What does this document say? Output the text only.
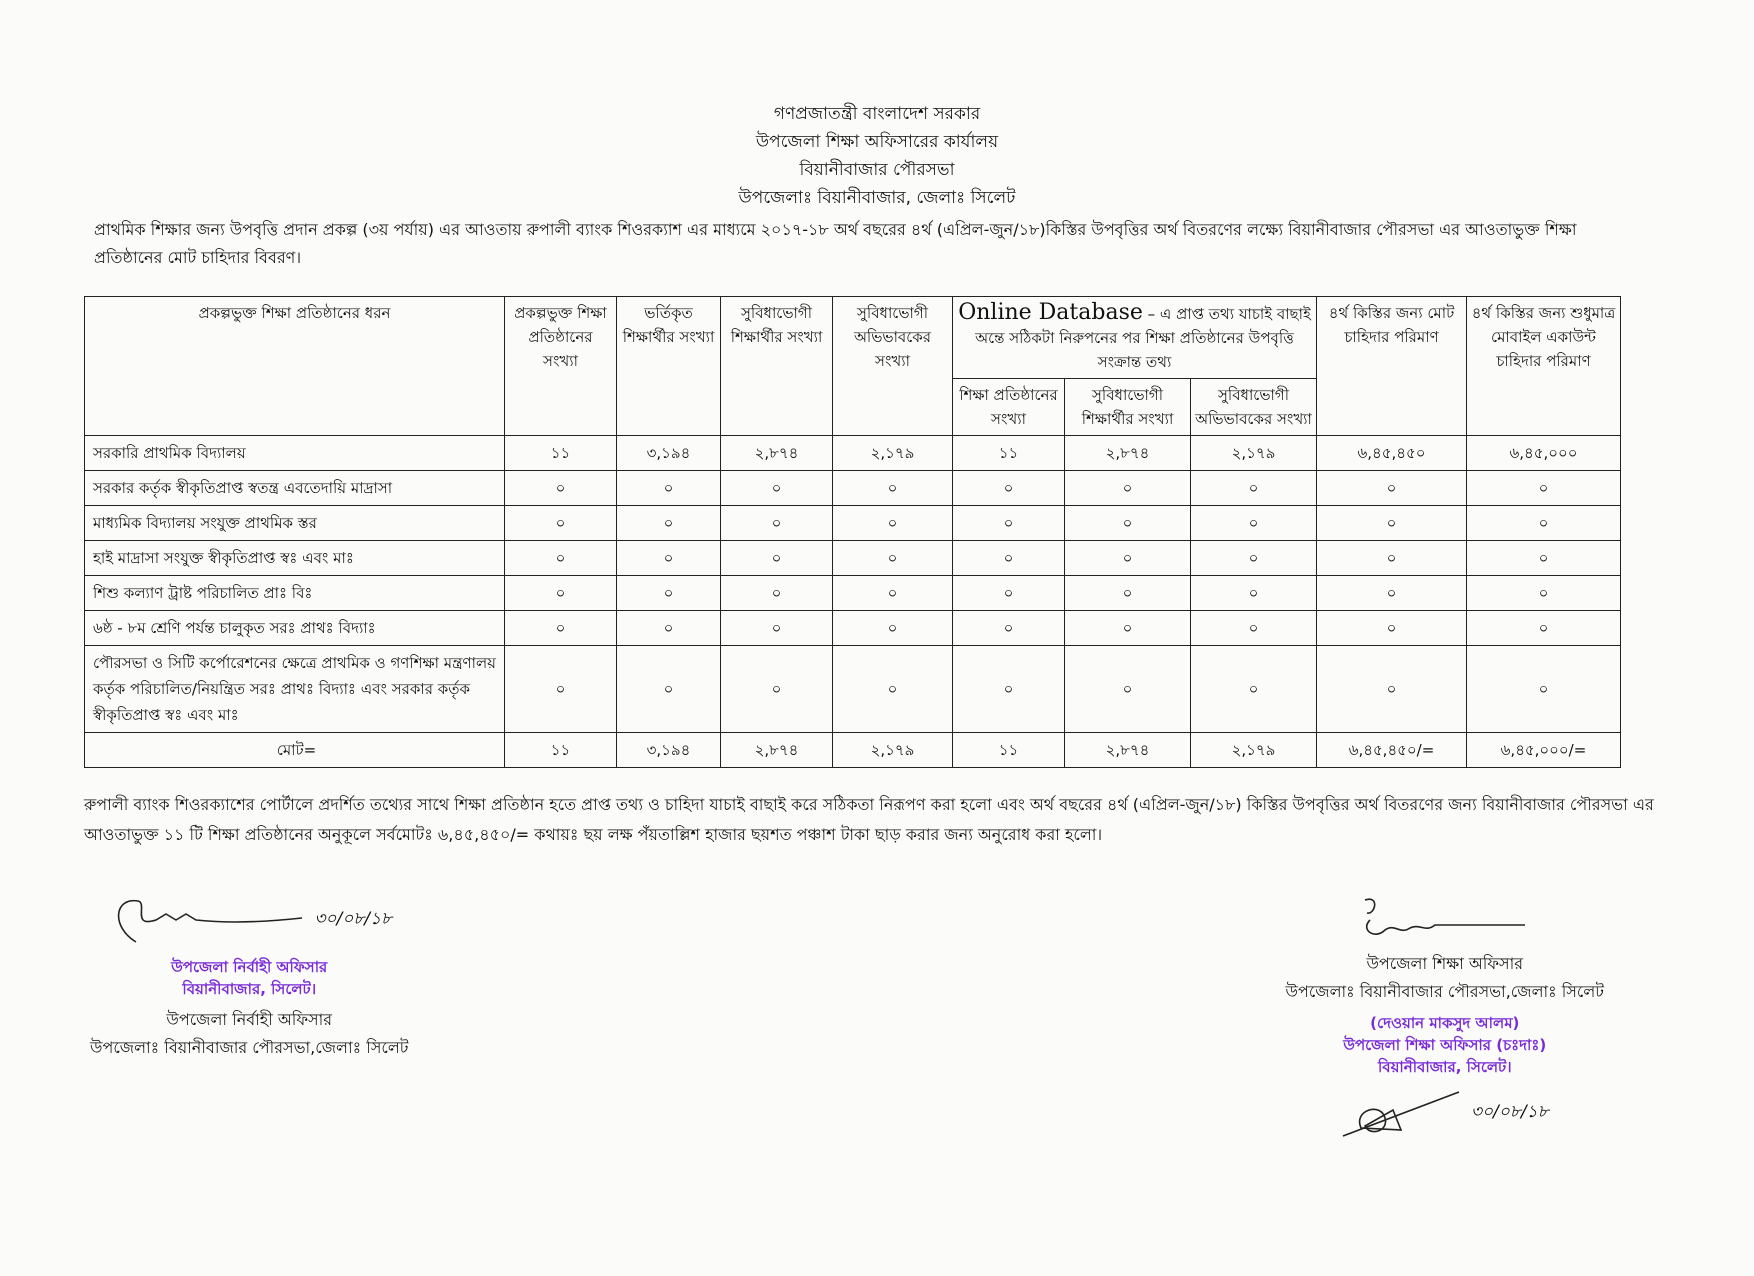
গণপ্রজাতন্ত্রী বাংলাদেশ সরকার
উপজেলা শিক্ষা অফিসারের কার্যালয়
বিয়ানীবাজার পৌরসভা
উপজেলাঃ বিয়ানীবাজার, জেলাঃ সিলেট
প্রাথমিক শিক্ষার জন্য উপবৃত্তি প্রদান প্রকল্প (৩য় পর্যায়) এর আওতায় রুপালী ব্যাংক শিওরক্যাশ এর মাধ্যমে ২০১৭-১৮ অর্থ বছরের ৪র্থ (এপ্রিল-জুন/১৮)কিস্তির উপবৃত্তির অর্থ বিতরণের লক্ষ্যে বিয়ানীবাজার পৌরসভা এর আওতাভুক্ত শিক্ষা প্রতিষ্ঠানের মোট চাহিদার বিবরণ।
প্রকল্পভুক্ত শিক্ষা প্রতিষ্ঠানের ধরন	প্রকল্পভুক্ত শিক্ষা প্রতিষ্ঠানের সংখ্যা	ভর্তিকৃত শিক্ষার্থীর সংখ্যা	সুবিধাভোগী শিক্ষার্থীর সংখ্যা	সুবিধাভোগী অভিভাবকের সংখ্যা	Online Database – এ প্রাপ্ত তথ্য যাচাই বাছাই অন্তে সঠিকটা নিরুপনের পর শিক্ষা প্রতিষ্ঠানের উপবৃত্তি সংক্রান্ত তথ্য			৪র্থ কিস্তির জন্য মোট চাহিদার পরিমাণ	৪র্থ কিস্তির জন্য শুধুমাত্র মোবাইল একাউন্ট চাহিদার পরিমাণ
					শিক্ষা প্রতিষ্ঠানের সংখ্যা	সুবিধাভোগী শিক্ষার্থীর সংখ্যা	সুবিধাভোগী অভিভাবকের সংখ্যা		
সরকারি প্রাথমিক বিদ্যালয়	১১	৩,১৯৪	২,৮৭৪	২,১৭৯	১১	২,৮৭৪	২,১৭৯	৬,৪৫,৪৫০	৬,৪৫,০০০
সরকার কর্তৃক স্বীকৃতিপ্রাপ্ত স্বতন্ত্র এবতেদায়ি মাদ্রাসা	০	০	০	০	০	০	০	০	০
মাধ্যমিক বিদ্যালয় সংযুক্ত প্রাথমিক স্তর	০	০	০	০	০	০	০	০	০
হাই মাদ্রাসা সংযুক্ত স্বীকৃতিপ্রাপ্ত স্বঃ এবং মাঃ	০	০	০	০	০	০	০	০	০
শিশু কল্যাণ ট্রাষ্ট পরিচালিত প্রাঃ বিঃ	০	০	০	০	০	০	০	০	০
৬ষ্ঠ - ৮ম শ্রেণি পর্যন্ত চালুকৃত সরঃ প্রাথঃ বিদ্যাঃ	০	০	০	০	০	০	০	০	০
পৌরসভা ও সিটি কর্পোরেশনের ক্ষেত্রে প্রাথমিক ও গণশিক্ষা মন্ত্রণালয় কর্তৃক পরিচালিত/নিয়ন্ত্রিত সরঃ প্রাথঃ বিদ্যাঃ এবং সরকার কর্তৃক স্বীকৃতিপ্রাপ্ত স্বঃ এবং মাঃ	০	০	০	০	০	০	০	০	০
মোট=	১১	৩,১৯৪	২,৮৭৪	২,১৭৯	১১	২,৮৭৪	২,১৭৯	৬,৪৫,৪৫০/=	৬,৪৫,০০০/=
রুপালী ব্যাংক শিওরক্যাশের পোর্টালে প্রদর্শিত তথ্যের সাথে শিক্ষা প্রতিষ্ঠান হতে প্রাপ্ত তথ্য ও চাহিদা যাচাই বাছাই করে সঠিকতা নিরূপণ করা হলো এবং অর্থ বছরের ৪র্থ (এপ্রিল-জুন/১৮) কিস্তির উপবৃত্তির অর্থ বিতরণের জন্য বিয়ানীবাজার পৌরসভা এর আওতাভুক্ত ১১ টি শিক্ষা প্রতিষ্ঠানের অনুকূলে সর্বমোটঃ ৬,৪৫,৪৫০/= কথায়ঃ ছয় লক্ষ পঁয়তাল্লিশ হাজার ছয়শত পঞ্চাশ টাকা ছাড় করার জন্য অনুরোধ করা হলো।
৩০/০৮/১৮
উপজেলা নির্বাহী অফিসার
বিয়ানীবাজার, সিলেট।
উপজেলা নির্বাহী অফিসার
উপজেলাঃ বিয়ানীবাজার পৌরসভা,জেলাঃ সিলেট
উপজেলা শিক্ষা অফিসার
উপজেলাঃ বিয়ানীবাজার পৌরসভা,জেলাঃ সিলেট
(দেওয়ান মাকসুদ আলম)
উপজেলা শিক্ষা অফিসার (চঃদাঃ)
বিয়ানীবাজার, সিলেট।
৩০/০৮/১৮
